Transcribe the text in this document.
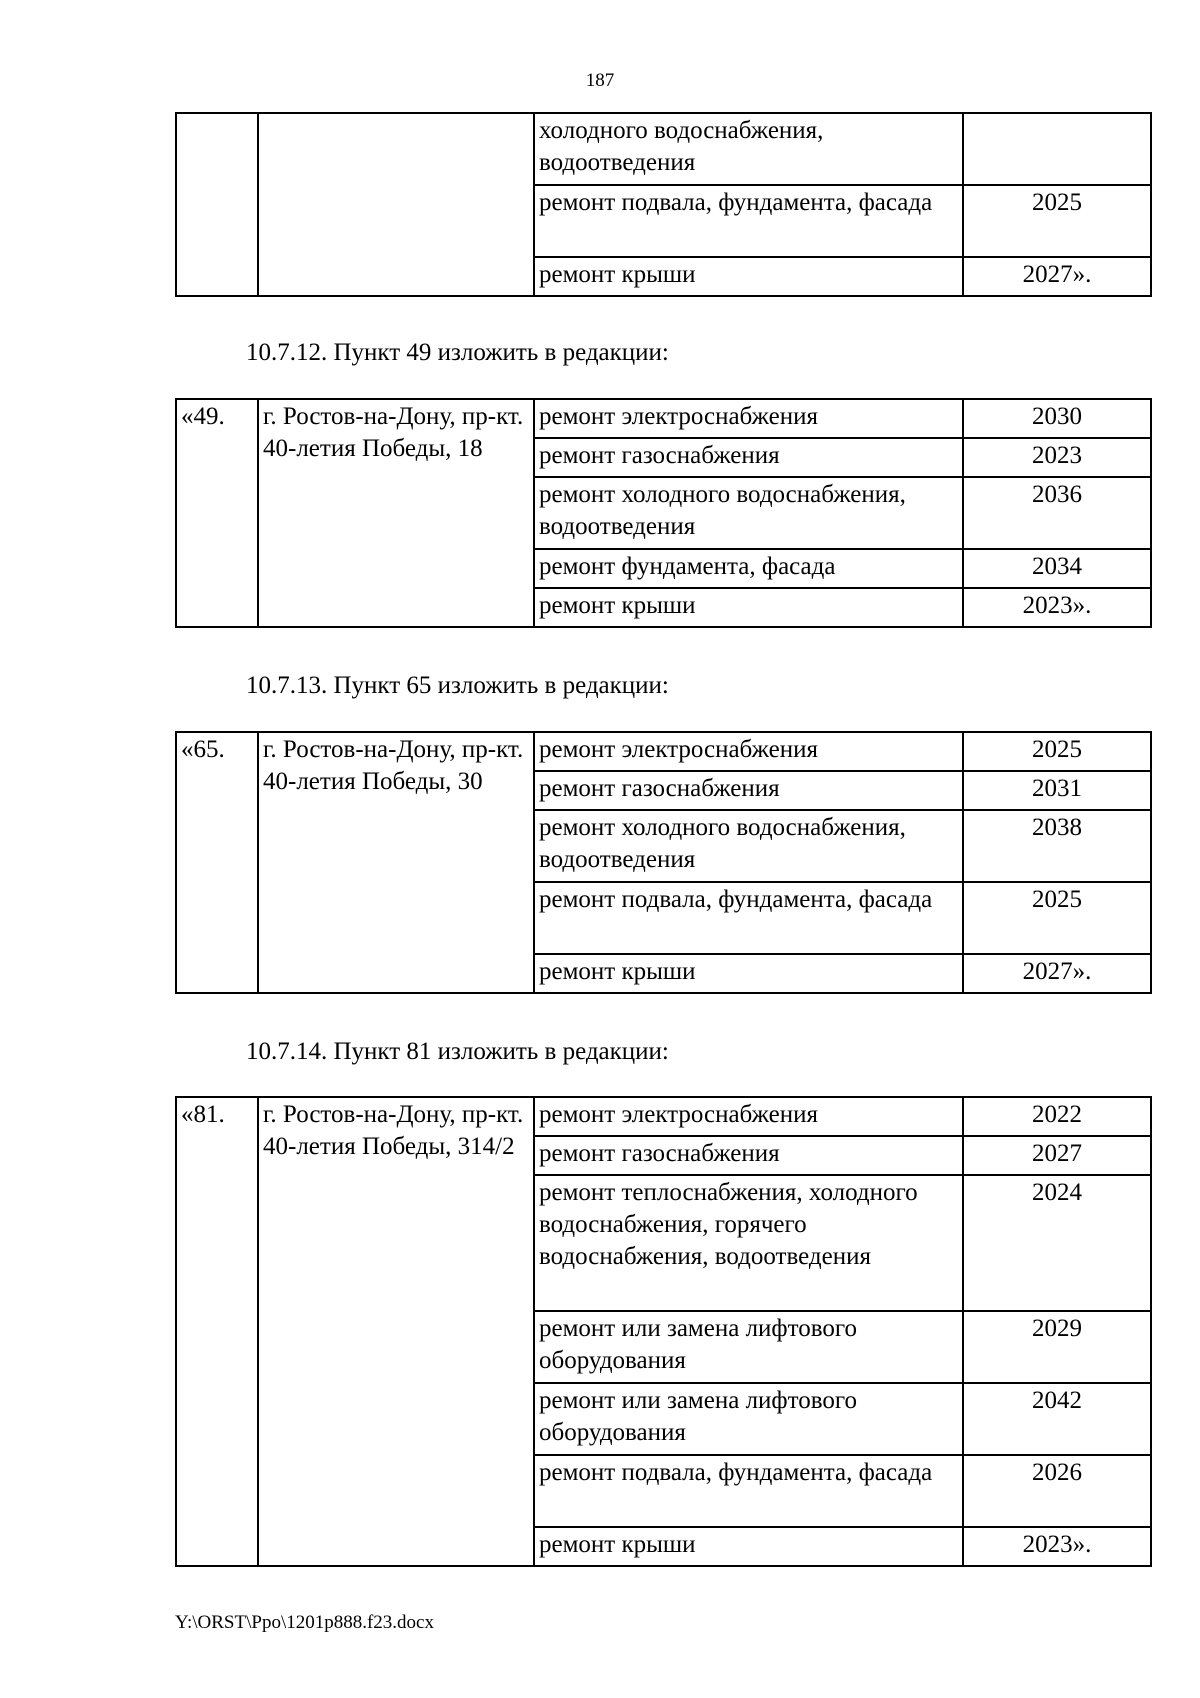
187
		холодного водоснабжения, водоотведения	
		ремонт подвала, фундамента, фасада	2025
		ремонт крыши	2027».
10.7.12. Пункт 49 изложить в редакции:
«49.	г. Ростов-на-Дону, пр-кт. 40-летия Победы, 18	ремонт электроснабжения	2030
		ремонт газоснабжения	2023
		ремонт холодного водоснабжения, водоотведения	2036
		ремонт фундамента, фасада	2034
		ремонт крыши	2023».
10.7.13. Пункт 65 изложить в редакции:
«65.	г. Ростов-на-Дону, пр-кт. 40-летия Победы, 30	ремонт электроснабжения	2025
		ремонт газоснабжения	2031
		ремонт холодного водоснабжения, водоотведения	2038
		ремонт подвала, фундамента, фасада	2025
		ремонт крыши	2027».
10.7.14. Пункт 81 изложить в редакции:
«81.	г. Ростов-на-Дону, пр-кт. 40-летия Победы, 314/2	ремонт электроснабжения	2022
		ремонт газоснабжения	2027
		ремонт теплоснабжения, холодного водоснабжения, горячего водоснабжения, водоотведения	2024
		ремонт или замена лифтового оборудования	2029
		ремонт или замена лифтового оборудования	2042
		ремонт подвала, фундамента, фасада	2026
		ремонт крыши	2023».
Y:\ORST\Ppo\1201p888.f23.docx
